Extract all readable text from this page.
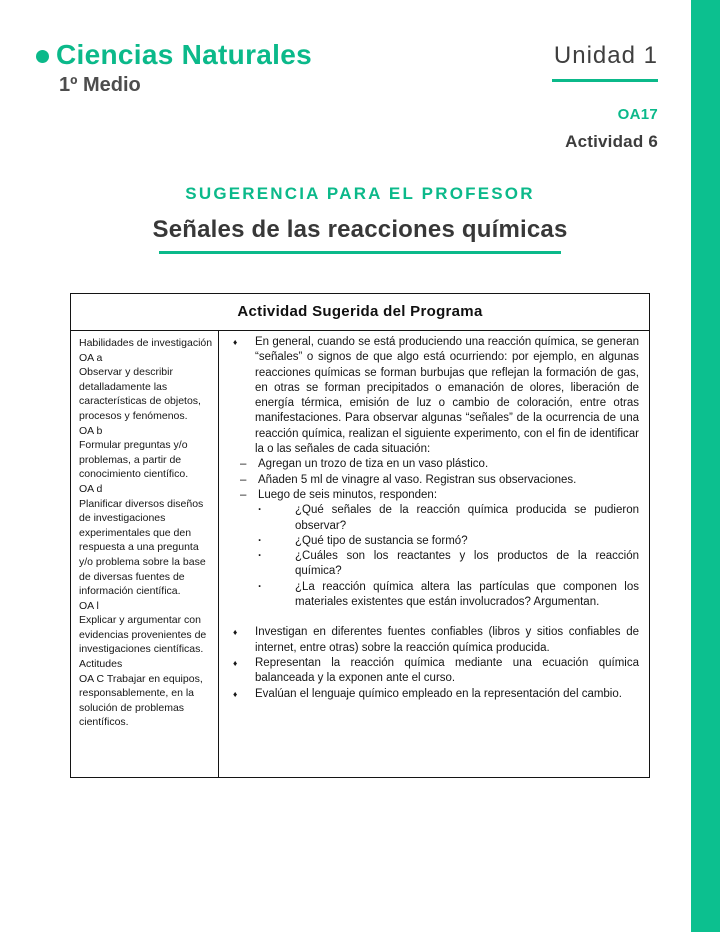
Ciencias Naturales
1º Medio
Unidad 1
OA17
Actividad 6
SUGERENCIA PARA EL PROFESOR
Señales de las reacciones químicas
Actividad Sugerida del Programa
Habilidades de investigación
OA a
Observar y describir detalladamente las características de objetos, procesos y fenómenos.
OA b
Formular preguntas y/o problemas, a partir de conocimiento científico.
OA d
Planificar diversos diseños de investigaciones experimentales que den respuesta a una pregunta y/o problema sobre la base de diversas fuentes de información científica.
OA l
Explicar y argumentar con evidencias provenientes de investigaciones científicas.
Actitudes
OA C Trabajar en equipos, responsablemente, en la solución de problemas científicos.
♦	En general, cuando se está produciendo una reacción química, se generan “señales” o signos de que algo está ocurriendo: por ejemplo, en algunas reacciones químicas se forman burbujas que reflejan la formación de gas, en otras se forman precipitados o emanación de olores, liberación de energía térmica, emisión de luz o cambio de coloración, entre otras manifestaciones. Para observar algunas “señales” de la ocurrencia de una reacción química, realizan el siguiente experimento, con el fin de identificar la o las señales de cada situación:
–	Agregan un trozo de tiza en un vaso plástico.
–	Añaden 5 ml de vinagre al vaso. Registran sus observaciones.
–	Luego de seis minutos, responden:
·	¿Qué señales de la reacción química producida se pudieron observar?
·	¿Qué tipo de sustancia se formó?
·	¿Cuáles son los reactantes y los productos de la reacción química?
·	¿La reacción química altera las partículas que componen los materiales existentes que están involucrados? Argumentan.
♦	Investigan en diferentes fuentes confiables (libros y sitios confiables de internet, entre otras) sobre la reacción química producida.
♦	Representan la reacción química mediante una ecuación química balanceada y la exponen ante el curso.
♦	Evalúan el lenguaje químico empleado en la representación del cambio.
